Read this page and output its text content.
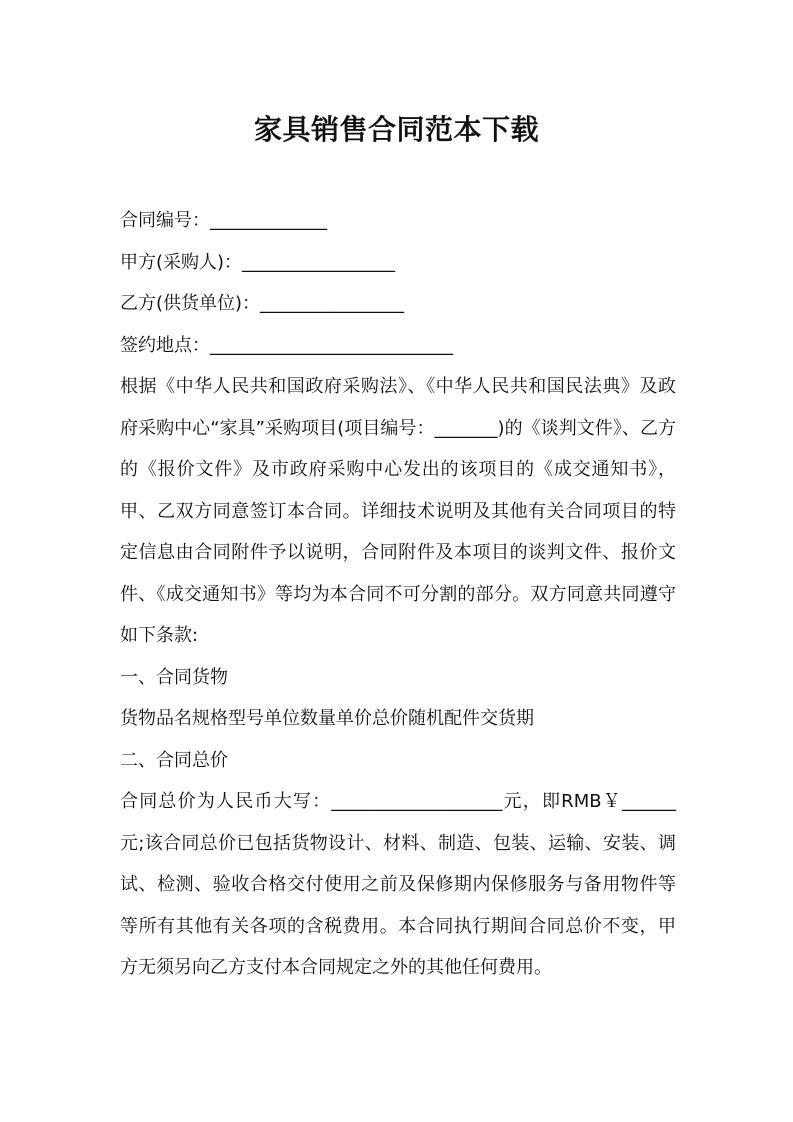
家具销售合同范本下载
合同编号：_____________
甲方(采购人)：_________________
乙方(供货单位)：________________
签约地点：___________________________
根据《中华人民共和国政府采购法》、《中华人民共和国民法典》及政府采购中心“家具”采购项目(项目编号：_______)的《谈判文件》、乙方的《报价文件》及市政府采购中心发出的该项目的《成交通知书》，甲、乙双方同意签订本合同。详细技术说明及其他有关合同项目的特定信息由合同附件予以说明，合同附件及本项目的谈判文件、报价文件、《成交通知书》等均为本合同不可分割的部分。双方同意共同遵守如下条款:
一、合同货物
货物品名规格型号单位数量单价总价随机配件交货期
二、合同总价
合同总价为人民币大写：___________________元，即RMB￥______元;该合同总价已包括货物设计、材料、制造、包装、运输、安装、调试、检测、验收合格交付使用之前及保修期内保修服务与备用物件等等所有其他有关各项的含税费用。本合同执行期间合同总价不变，甲方无须另向乙方支付本合同规定之外的其他任何费用。
